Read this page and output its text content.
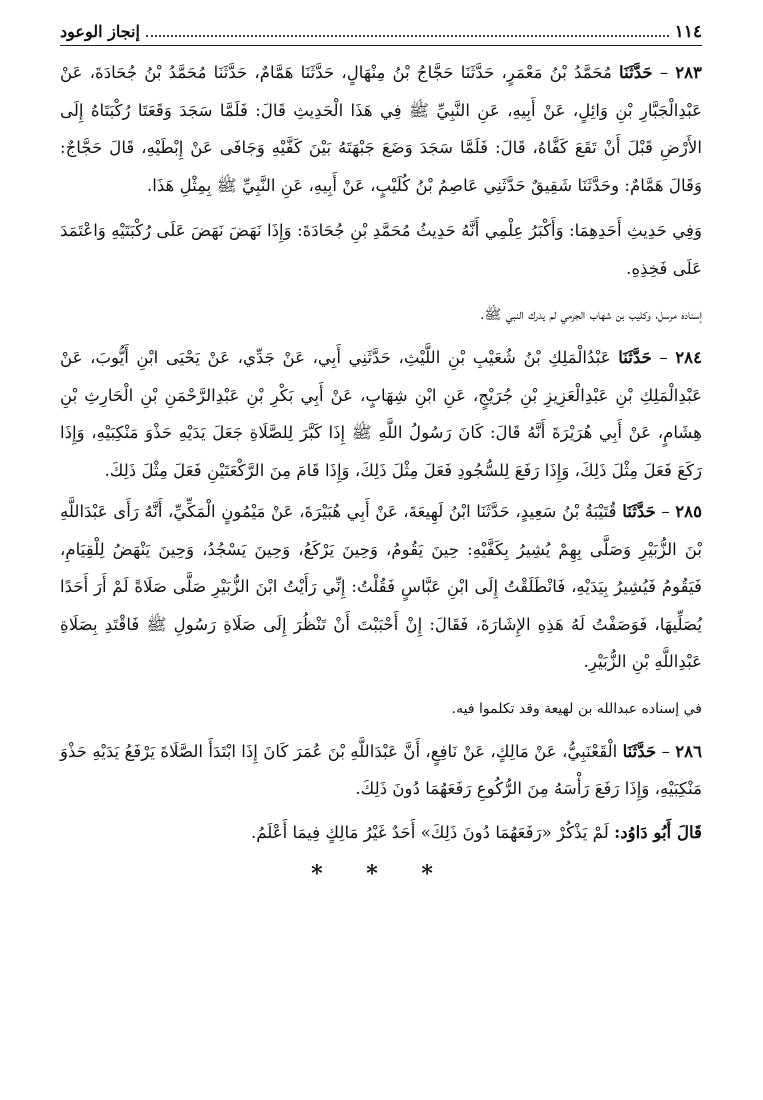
١١٤
إنجاز الوعود

٢٨٣ – حَدَّثَنَا مُحَمَّدُ بْنُ مَعْمَرٍ، حَدَّثَنَا حَجَّاجُ بْنُ مِنْهَالٍ، حَدَّثَنَا هَمَّامٌ، حَدَّثَنَا مُحَمَّدُ بْنُ جُحَادَةَ، عَنْ عَبْدِالْجَبَّارِ بْنِ وَائِلٍ، عَنْ أَبِيهِ، عَنِ النَّبِيِّ ﷺ فِي هَذَا الْحَدِيثِ قَالَ: فَلَمَّا سَجَدَ وَقَعَتَا رُكْبَتَاهُ إِلَى الأَرْضِ قَبْلَ أَنْ تَقَعَ كَفَّاهُ، قَالَ: فَلَمَّا سَجَدَ وَضَعَ جَبْهَتَهُ بَيْنَ كَفَّيْهِ وَجَافَى عَنْ إِبْطَيْهِ، قَالَ حَجَّاجٌ: وَقَالَ هَمَّامٌ: وحَدَّثَنَا شَقِيقٌ حَدَّثَنِي عَاصِمُ بْنُ كُلَيْبٍ، عَنْ أَبِيهِ، عَنِ النَّبِيِّ ﷺ بِمِثْلِ هَذَا.

وَفِي حَدِيثِ أَحَدِهِمَا: وَأَكْبَرُ عِلْمِي أَنَّهُ حَدِيثُ مُحَمَّدِ بْنِ جُحَادَةَ: وَإِذَا نَهَضَ نَهَضَ عَلَى رُكْبَتَيْهِ وَاعْتَمَدَ عَلَى فَخِذِهِ.

إسناده مرسل، وكليب بن شهاب الجرمي لم يدرك النبي ﷺ.

٢٨٤ – حَدَّثَنَا عَبْدُالْمَلِكِ بْنُ شُعَيْبِ بْنِ اللَّيْثِ، حَدَّثَنِي أَبِي، عَنْ جَدِّي، عَنْ يَحْيَى ابْنِ أَيُّوبَ، عَنْ عَبْدِالْمَلِكِ بْنِ عَبْدِالْعَزِيزِ بْنِ جُرَيْجٍ، عَنِ ابْنِ شِهَابٍ، عَنْ أَبِي بَكْرِ بْنِ عَبْدِالرَّحْمَنِ بْنِ الْحَارِثِ بْنِ هِشَامٍ، عَنْ أَبِي هُرَيْرَةَ أَنَّهُ قَالَ: كَانَ رَسُولُ اللَّهِ ﷺ إِذَا كَبَّرَ لِلصَّلَاةِ جَعَلَ يَدَيْهِ حَذْوَ مَنْكِبَيْهِ، وَإِذَا رَكَعَ فَعَلَ مِثْلَ ذَلِكَ، وَإِذَا رَفَعَ لِلسُّجُودِ فَعَلَ مِثْلَ ذَلِكَ، وَإِذَا قَامَ مِنَ الرَّكْعَتَيْنِ فَعَلَ مِثْلَ ذَلِكَ.

٢٨٥ – حَدَّثَنَا قُتَيْبَةُ بْنُ سَعِيدٍ، حَدَّثَنَا ابْنُ لَهِيعَةَ، عَنْ أَبِي هُبَيْرَةَ، عَنْ مَيْمُونٍ الْمَكِّيِّ، أَنَّهُ رَأَى عَبْدَاللَّهِ بْنَ الزُّبَيْرِ وَصَلَّى بِهِمْ يُشِيرُ بِكَفَّيْهِ: حِينَ يَقُومُ، وَحِينَ يَرْكَعُ، وَحِينَ يَسْجُدُ، وَحِينَ يَنْهَضُ لِلْقِيَامِ، فَيَقُومُ فَيُشِيرُ بِيَدَيْهِ، فَانْطَلَقْتُ إِلَى ابْنِ عَبَّاسٍ فَقُلْتُ: إِنِّي رَأَيْتُ ابْنَ الزُّبَيْرِ صَلَّى صَلَاةً لَمْ أَرَ أَحَدًا يُصَلِّيهَا، فَوَصَفْتُ لَهُ هَذِهِ الإِشَارَةَ، فَقَالَ: إِنْ أَحْبَبْتَ أَنْ تَنْظُرَ إِلَى صَلَاةِ رَسُولِ ﷺ فَاقْتَدِ بِصَلَاةِ عَبْدِاللَّهِ بْنِ الزُّبَيْرِ.

في إسناده عبدالله بن لهيعة وقد تكلموا فيه.

٢٨٦ – حَدَّثَنَا الْقَعْنَبِيُّ، عَنْ مَالِكٍ، عَنْ نَافِعٍ، أَنَّ عَبْدَاللَّهِ بْنَ عُمَرَ كَانَ إِذَا ابْتَدَأَ الصَّلَاةَ يَرْفَعُ يَدَيْهِ حَذْوَ مَنْكِبَيْهِ، وَإِذَا رَفَعَ رَأْسَهُ مِنَ الرُّكُوعِ رَفَعَهُمَا دُونَ ذَلِكَ.

قَالَ أَبُو دَاوُد: لَمْ يَذْكُرْ «رَفَعَهُمَا دُونَ ذَلِكَ» أَحَدٌ غَيْرُ مَالِكٍ فِيمَا أَعْلَمُ.

* * *
